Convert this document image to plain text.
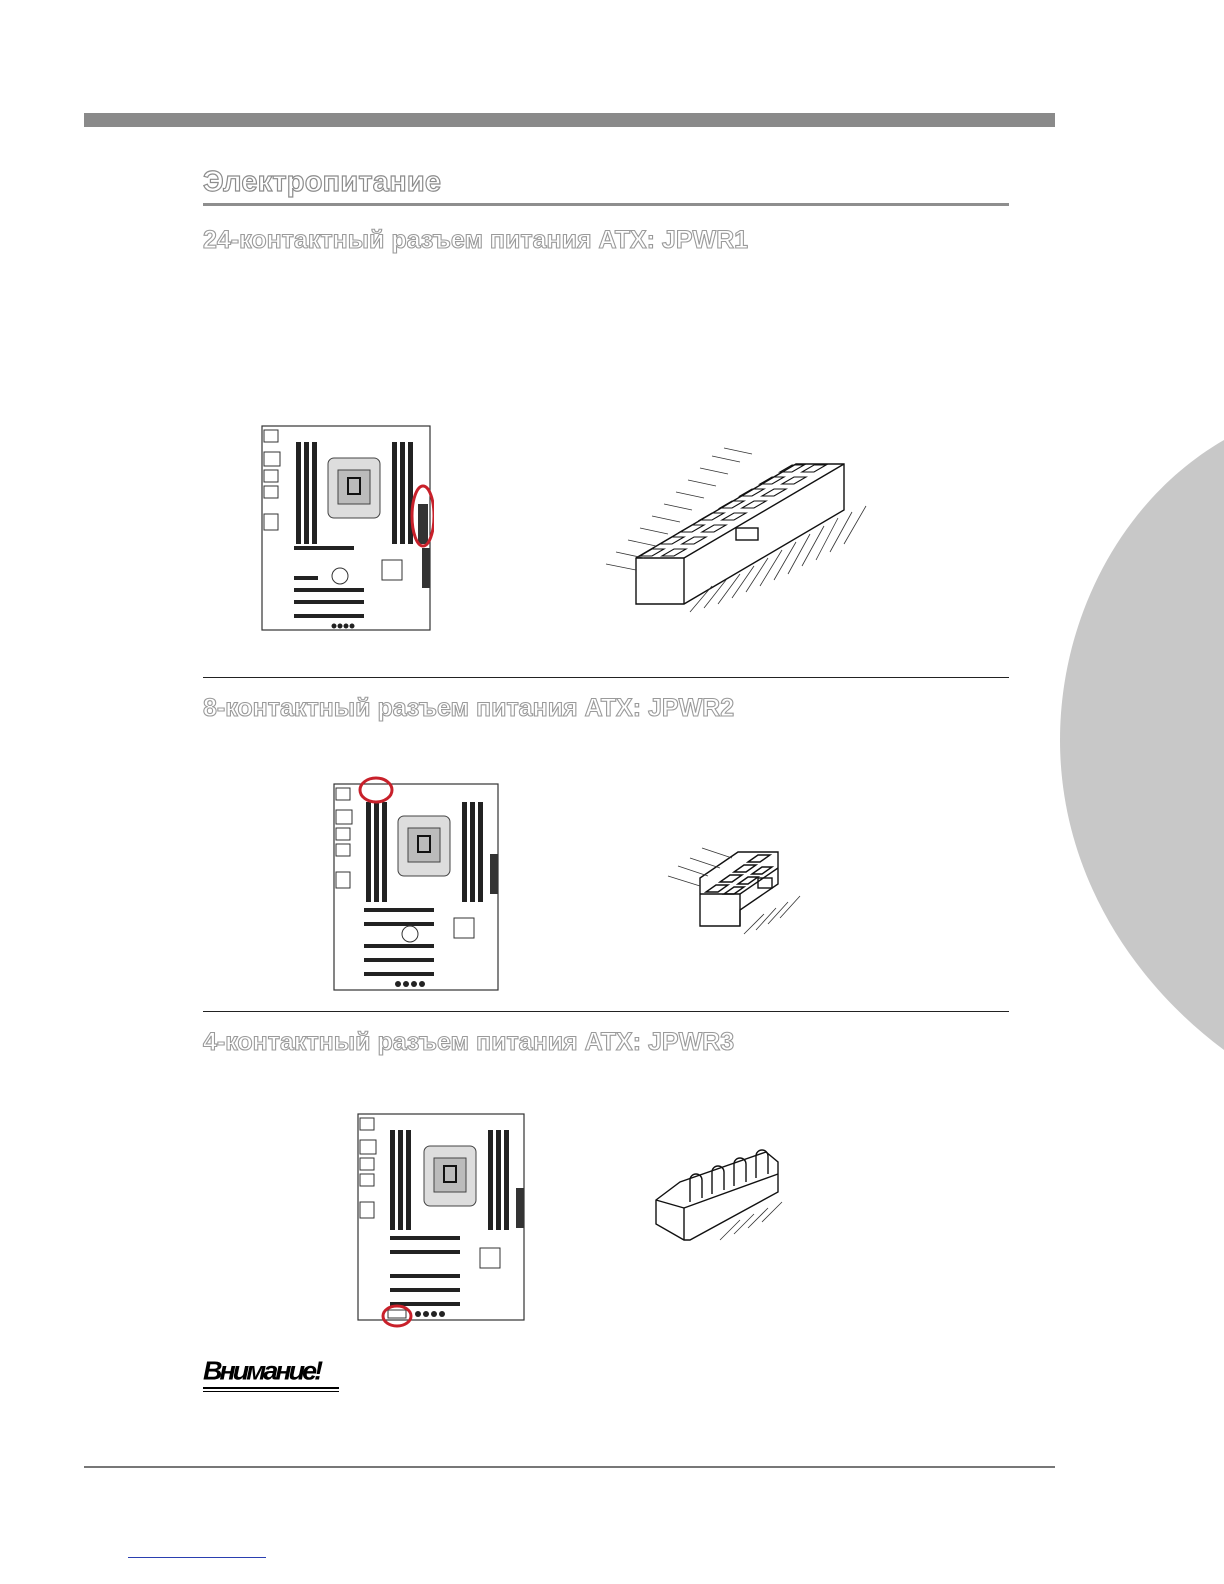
Электропитание
24-контактный разъем питания ATX: JPWR1
8-контактный разъем питания ATX: JPWR2
4-контактный разъем питания ATX: JPWR3
Внимание!
